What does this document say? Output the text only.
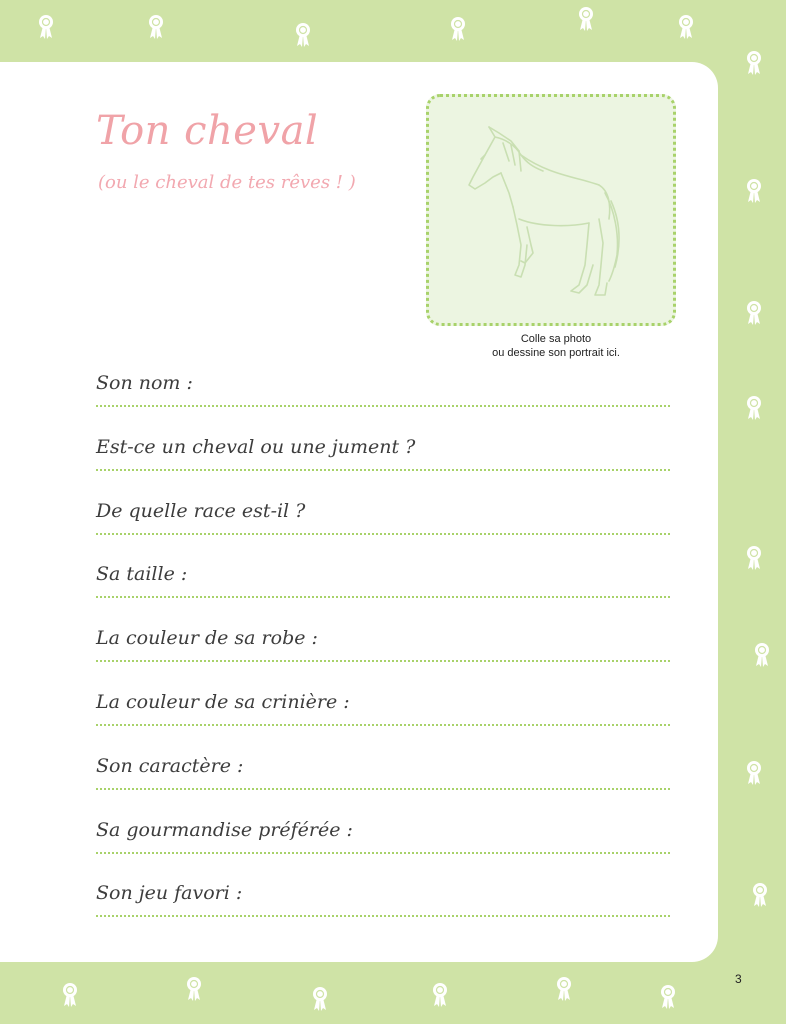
Ton cheval
(ou le cheval de tes rêves ! )
Colle sa photo
ou dessine son portrait ici.
Son nom :
Est-ce un cheval ou une jument ?
De quelle race est-il ?
Sa taille :
La couleur de sa robe :
La couleur de sa crinière :
Son caractère :
Sa gourmandise préférée :
Son jeu favori :
3
